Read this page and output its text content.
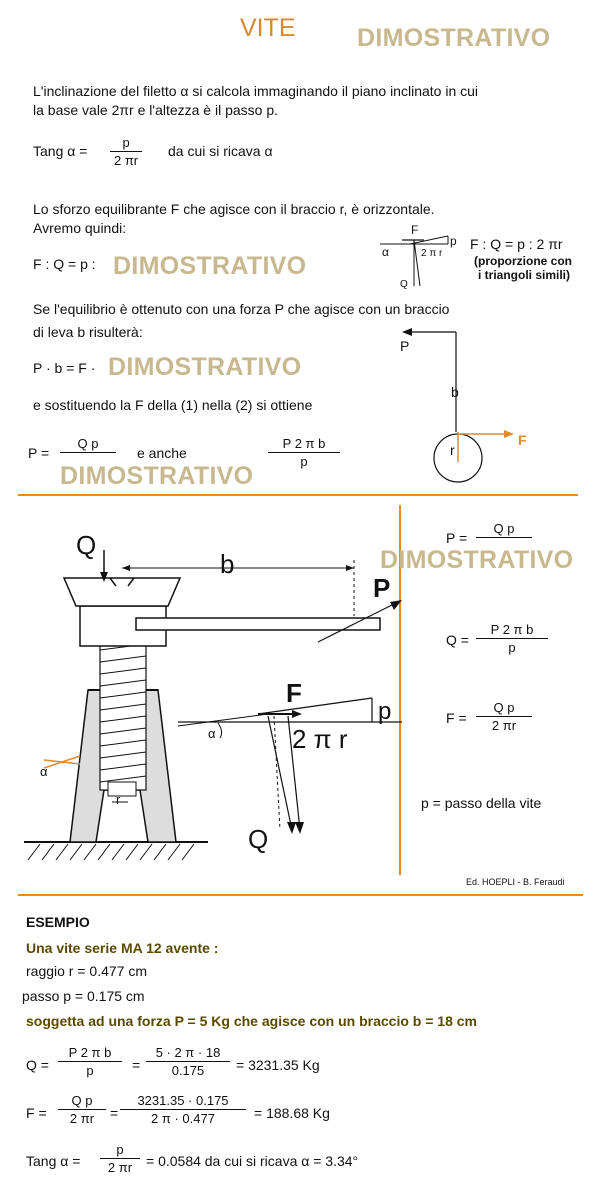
VITE DIMOSTRATIVO
L'inclinazione del filetto α si calcola immaginando il piano inclinato in cui
la base vale 2πr e l'altezza è il passo p.
Tang $\alpha = \frac{p}{2 \pi r}$ da cui si ricava α
Lo sforzo equilibrante F che agisce con il braccio r, è orizzontale.
Avremo quindi:
F : Q = p : DIMOSTRATIVO
F
p
α	2 π r
Q
F : Q = p : 2 πr
(proporzione con
i triangoli simili)
Se l'equilibrio è ottenuto con una forza P che agisce con un braccio
di leva b risulterà:
P · b = F · DIMOSTRATIVO
e sostituendo la F della (1) nella (2) si ottiene
P =
Q p

e anche	$\frac{\text{P 2 π b}}{p}$
DIMOSTRATIVO
P
b
r
F
Q
b
P
F
p
2 π r
α
α
r
Q
Ed. HOEPLI - B. Feraudi
P =
Q p
DIMOSTRATIVO
$Q = \frac{\text{P 2 π b}}{p}$
$F = \frac{\text{Q p}}{2 \pi r}$
p = passo della vite
ESEMPIO
Una vite serie MA 12 avente :
raggio r = 0.477 cm
passo p = 0.175 cm
soggetta ad una forza P = 5 Kg che agisce con un braccio b = 18 cm
$Q = \frac{\text{P 2 π b}}{p} = \frac{5 \cdot 2 \pi \cdot 18}{0.175} = 3231.35$ Kg
$F = \frac{\text{Q p}}{2 \pi r} = \frac{3231.35 \cdot 0.175}{2 \pi \cdot 0.477} = 188.68$ Kg
Tang $\alpha = \frac{p}{2 \pi r} = 0.0584$ da cui si ricava α = 3.34°
